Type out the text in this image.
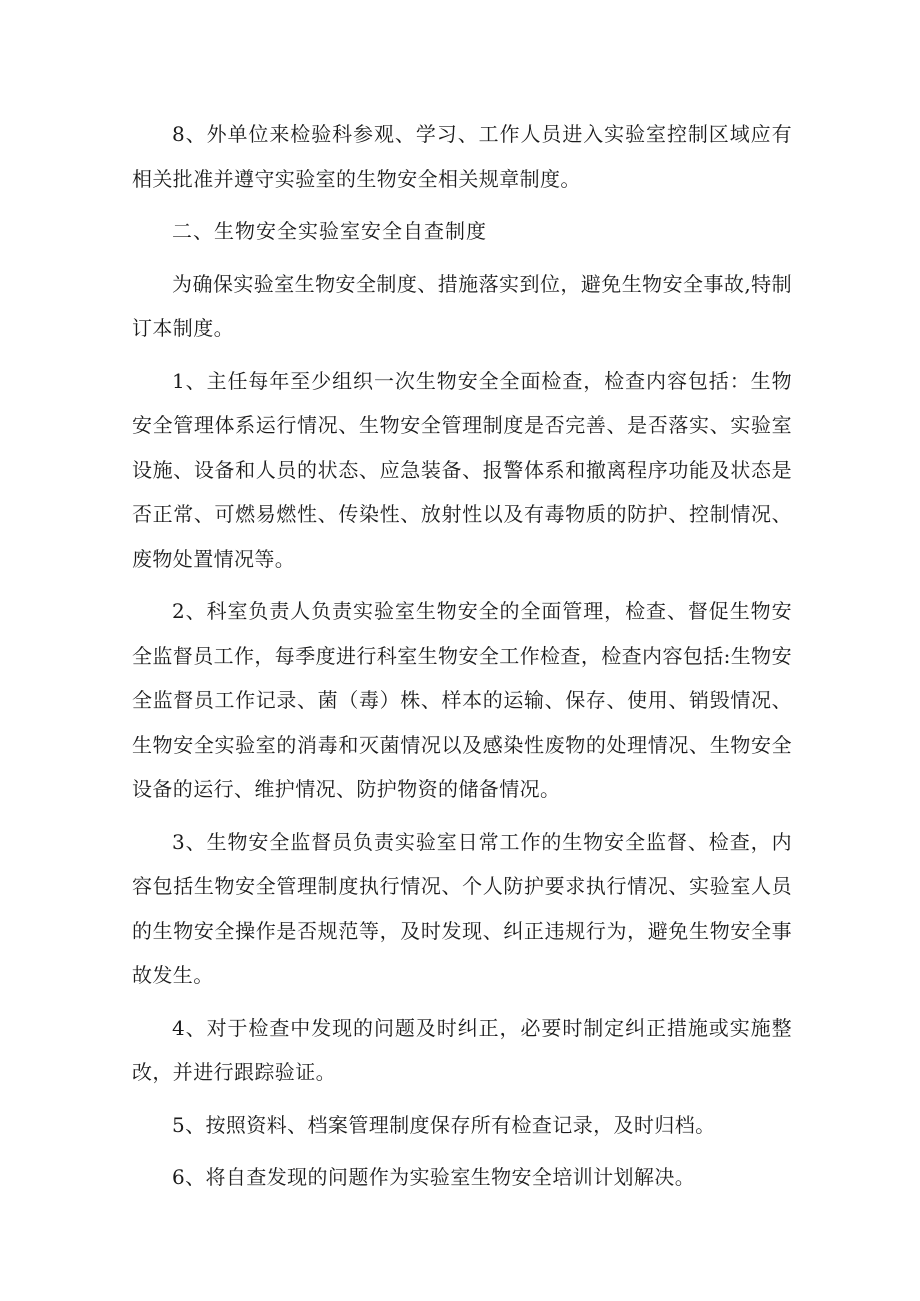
8、外单位来检验科参观、学习、工作人员进入实验室控制区域应有相关批准并遵守实验室的生物安全相关规章制度。

二、生物安全实验室安全自查制度

为确保实验室生物安全制度、措施落实到位，避免生物安全事故,特制订本制度。

1、主任每年至少组织一次生物安全全面检查，检查内容包括：生物安全管理体系运行情况、生物安全管理制度是否完善、是否落实、实验室设施、设备和人员的状态、应急装备、报警体系和撤离程序功能及状态是否正常、可燃易燃性、传染性、放射性以及有毒物质的防护、控制情况、废物处置情况等。

2、科室负责人负责实验室生物安全的全面管理，检查、督促生物安全监督员工作，每季度进行科室生物安全工作检查，检查内容包括:生物安全监督员工作记录、菌（毒）株、样本的运输、保存、使用、销毁情况、生物安全实验室的消毒和灭菌情况以及感染性废物的处理情况、生物安全设备的运行、维护情况、防护物资的储备情况。

3、生物安全监督员负责实验室日常工作的生物安全监督、检查，内容包括生物安全管理制度执行情况、个人防护要求执行情况、实验室人员的生物安全操作是否规范等，及时发现、纠正违规行为，避免生物安全事故发生。

4、对于检查中发现的问题及时纠正，必要时制定纠正措施或实施整改，并进行跟踪验证。

5、按照资料、档案管理制度保存所有检查记录，及时归档。

6、将自查发现的问题作为实验室生物安全培训计划解决。
